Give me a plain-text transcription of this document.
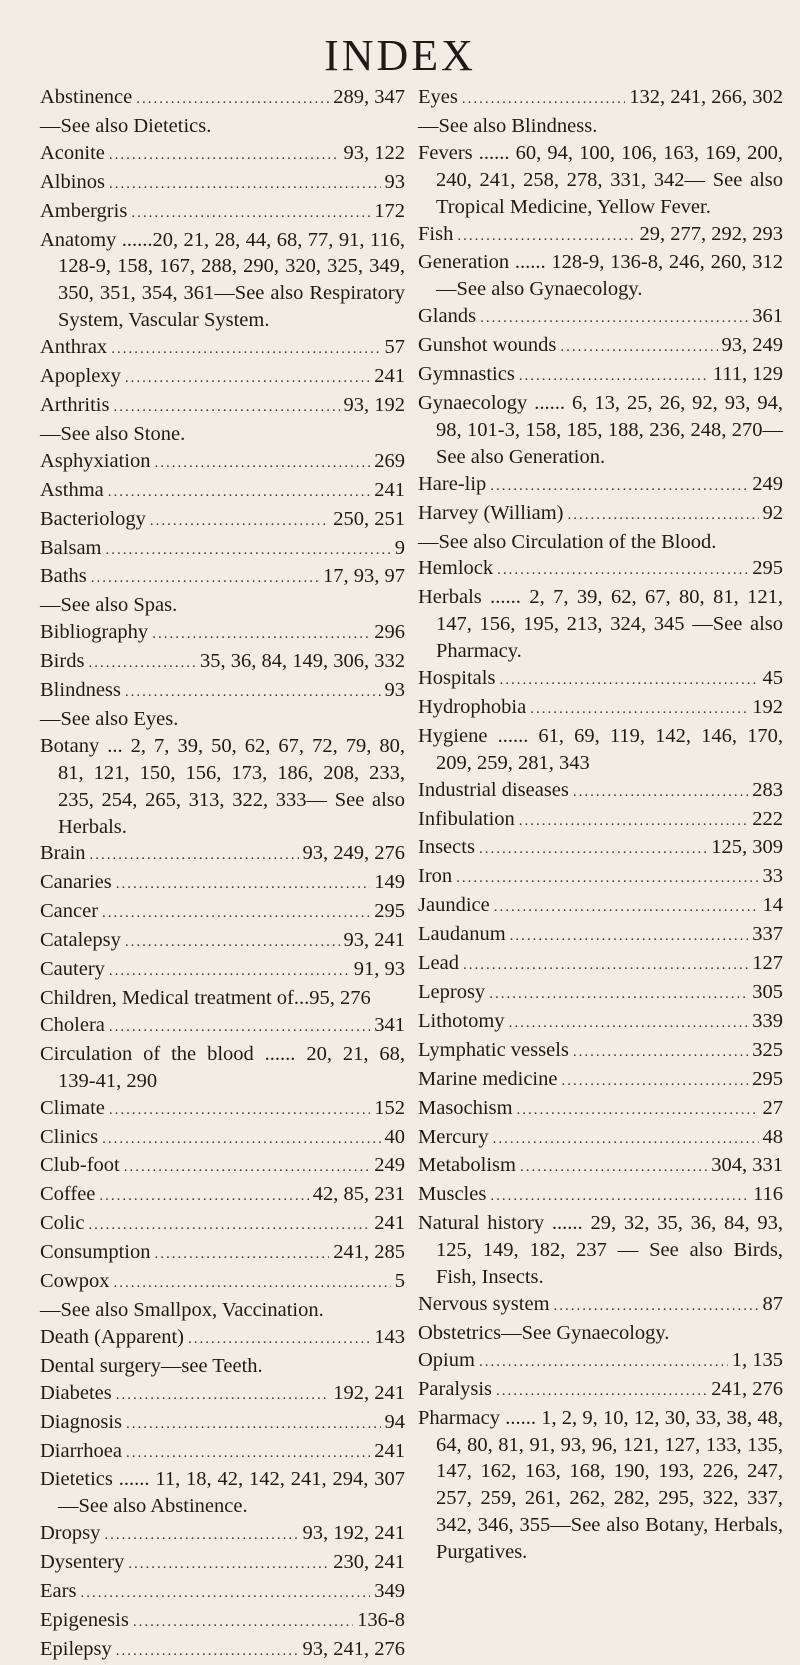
INDEX
Abstinence .....	289, 347
—See also Dietetics.
Aconite .....	93, 122
Albinos .....	93
Ambergris .....	172
Anatomy ......20, 21, 28, 44, 68, 77, 91, 116, 128-9, 158, 167, 288, 290, 320, 325, 349, 350, 351, 354, 361—See also Respiratory System, Vascular System.
Anthrax .....	57
Apoplexy .....	241
Arthritis .....	93, 192
—See also Stone.
Asphyxiation .....	269
Asthma .....	241
Bacteriology .....	250, 251
Balsam .....	9
Baths .....	17, 93, 97
—See also Spas.
Bibliography .....	296
Birds .....	35, 36, 84, 149, 306, 332
Blindness .....	93
—See also Eyes.
Botany ... 2, 7, 39, 50, 62, 67, 72, 79, 80, 81, 121, 150, 156, 173, 186, 208, 233, 235, 254, 265, 313, 322, 333— See also Herbals.
Brain .....	93, 249, 276
Canaries .....	149
Cancer .....	295
Catalepsy .....	93, 241
Cautery .....	91, 93
Children, Medical treatment of...95, 276
Cholera .....	341
Circulation of the blood ...... 20, 21, 68, 139-41, 290
Climate .....	152
Clinics .....	40
Club-foot .....	249
Coffee .....	42, 85, 231
Colic .....	241
Consumption .....	241, 285
Cowpox .....	5
—See also Smallpox, Vaccination.
Death (Apparent) .....	143
Dental surgery—see Teeth.
Diabetes .....	192, 241
Diagnosis .....	94
Diarrhoea .....	241
Dietetics ...... 11, 18, 42, 142, 241, 294, 307—See also Abstinence.
Dropsy .....	93, 192, 241
Dysentery .....	230, 241
Ears .....	349
Epigenesis .....	136-8
Epilepsy .....	93, 241, 276
Eyes .....	132, 241, 266, 302
—See also Blindness.
Fevers ...... 60, 94, 100, 106, 163, 169, 200, 240, 241, 258, 278, 331, 342— See also Tropical Medicine, Yellow Fever.
Fish .....	29, 277, 292, 293
Generation ...... 128-9, 136-8, 246, 260, 312—See also Gynaecology.
Glands .....	361
Gunshot wounds .....	93, 249
Gymnastics .....	111, 129
Gynaecology ...... 6, 13, 25, 26, 92, 93, 94, 98, 101-3, 158, 185, 188, 236, 248, 270—See also Generation.
Hare-lip .....	249
Harvey (William) .....	92
—See also Circulation of the Blood.
Hemlock .....	295
Herbals ...... 2, 7, 39, 62, 67, 80, 81, 121, 147, 156, 195, 213, 324, 345 —See also Pharmacy.
Hospitals .....	45
Hydrophobia .....	192
Hygiene ...... 61, 69, 119, 142, 146, 170, 209, 259, 281, 343
Industrial diseases .....	283
Infibulation .....	222
Insects .....	125, 309
Iron .....	33
Jaundice .....	14
Laudanum .....	337
Lead .....	127
Leprosy .....	305
Lithotomy .....	339
Lymphatic vessels .....	325
Marine medicine .....	295
Masochism .....	27
Mercury .....	48
Metabolism .....	304, 331
Muscles .....	116
Natural history ...... 29, 32, 35, 36, 84, 93, 125, 149, 182, 237 — See also Birds, Fish, Insects.
Nervous system .....	87
Obstetrics—See Gynaecology.
Opium .....	1, 135
Paralysis .....	241, 276
Pharmacy ...... 1, 2, 9, 10, 12, 30, 33, 38, 48, 64, 80, 81, 91, 93, 96, 121, 127, 133, 135, 147, 162, 163, 168, 190, 193, 226, 247, 257, 259, 261, 262, 282, 295, 322, 337, 342, 346, 355—See also Botany, Herbals, Purgatives.
